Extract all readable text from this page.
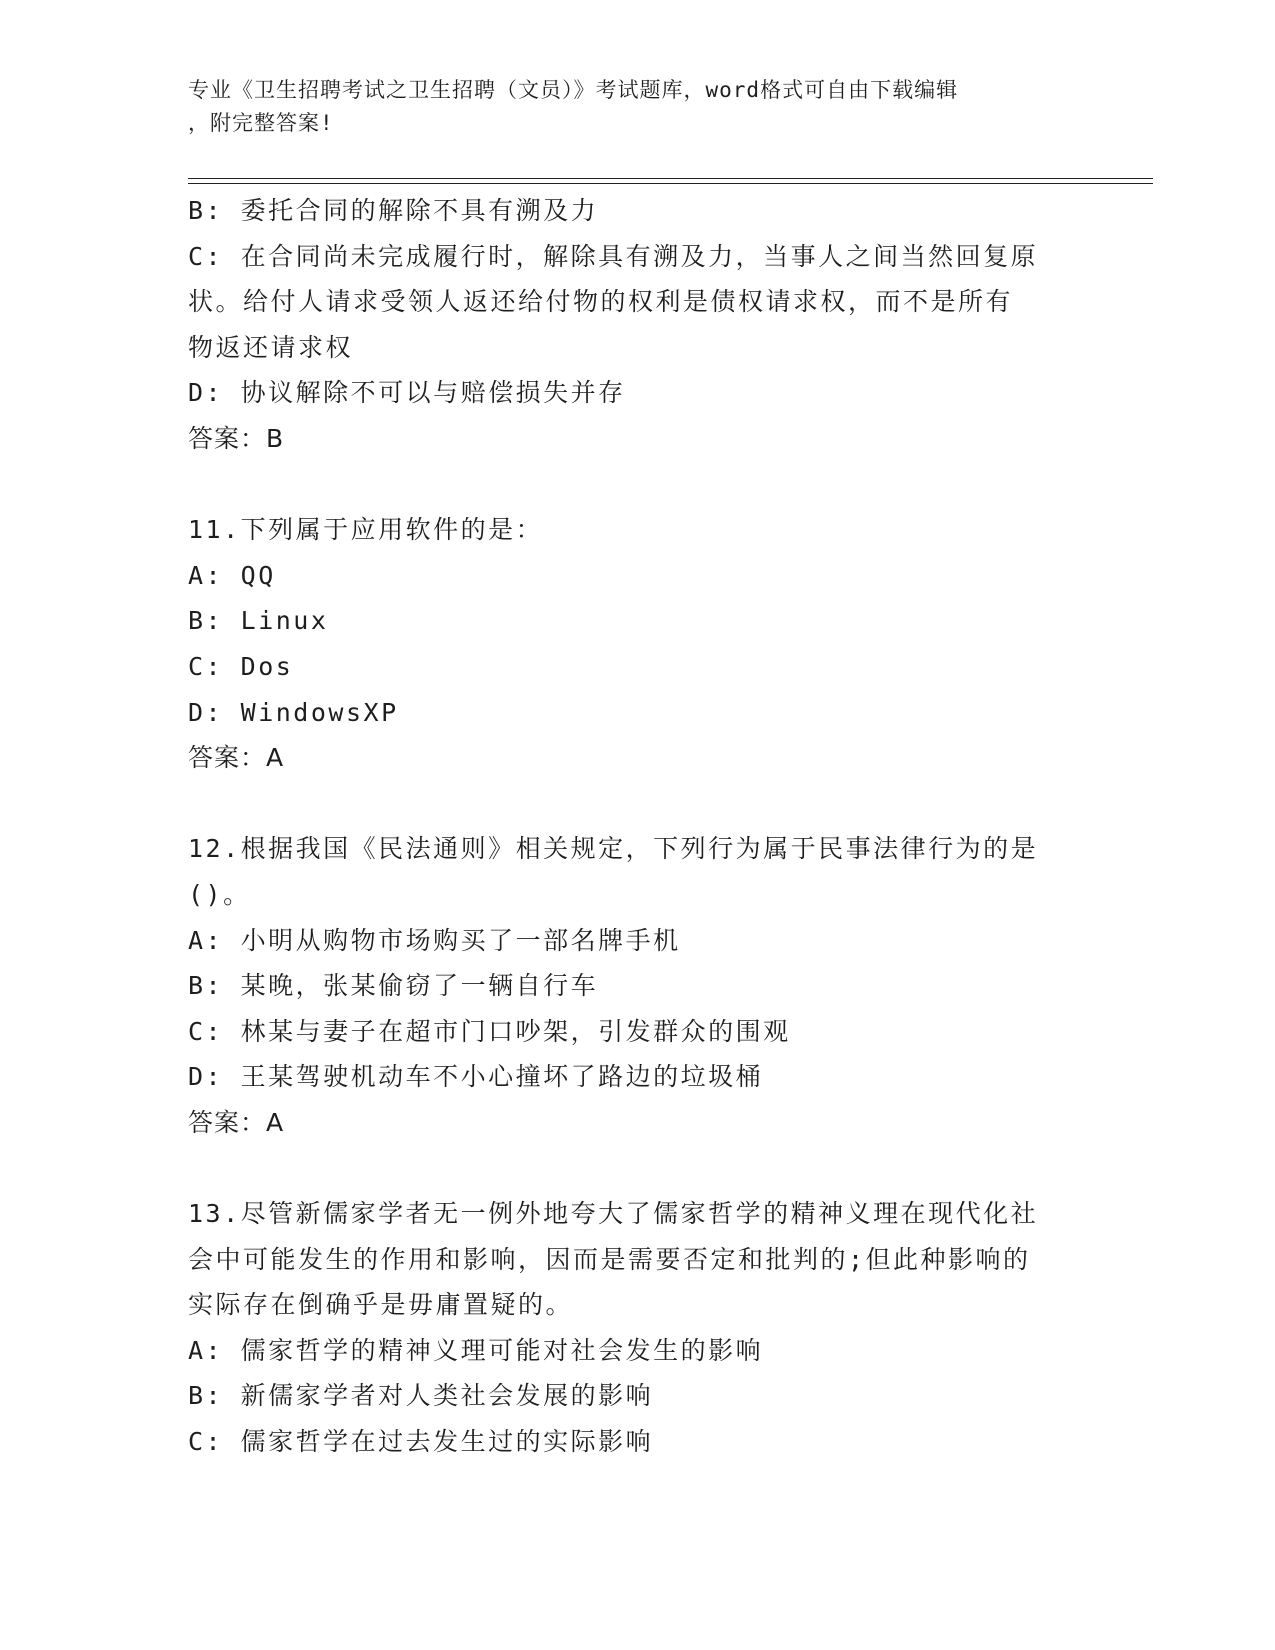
专业《卫生招聘考试之卫生招聘（文员）》考试题库，word格式可自由下载编辑
，附完整答案!
B: 委托合同的解除不具有溯及力
C: 在合同尚未完成履行时，解除具有溯及力，当事人之间当然回复原
状。给付人请求受领人返还给付物的权利是债权请求权，而不是所有
物返还请求权
D: 协议解除不可以与赔偿损失并存
答案：B
11.下列属于应用软件的是：
A: QQ
B: Linux
C: Dos
D: WindowsXP
答案：A
12.根据我国《民法通则》相关规定，下列行为属于民事法律行为的是
()。
A: 小明从购物市场购买了一部名牌手机
B: 某晚，张某偷窃了一辆自行车
C: 林某与妻子在超市门口吵架，引发群众的围观
D: 王某驾驶机动车不小心撞坏了路边的垃圾桶
答案：A
13.尽管新儒家学者无一例外地夸大了儒家哲学的精神义理在现代化社
会中可能发生的作用和影响，因而是需要否定和批判的;但此种影响的
实际存在倒确乎是毋庸置疑的。
A: 儒家哲学的精神义理可能对社会发生的影响
B: 新儒家学者对人类社会发展的影响
C: 儒家哲学在过去发生过的实际影响
